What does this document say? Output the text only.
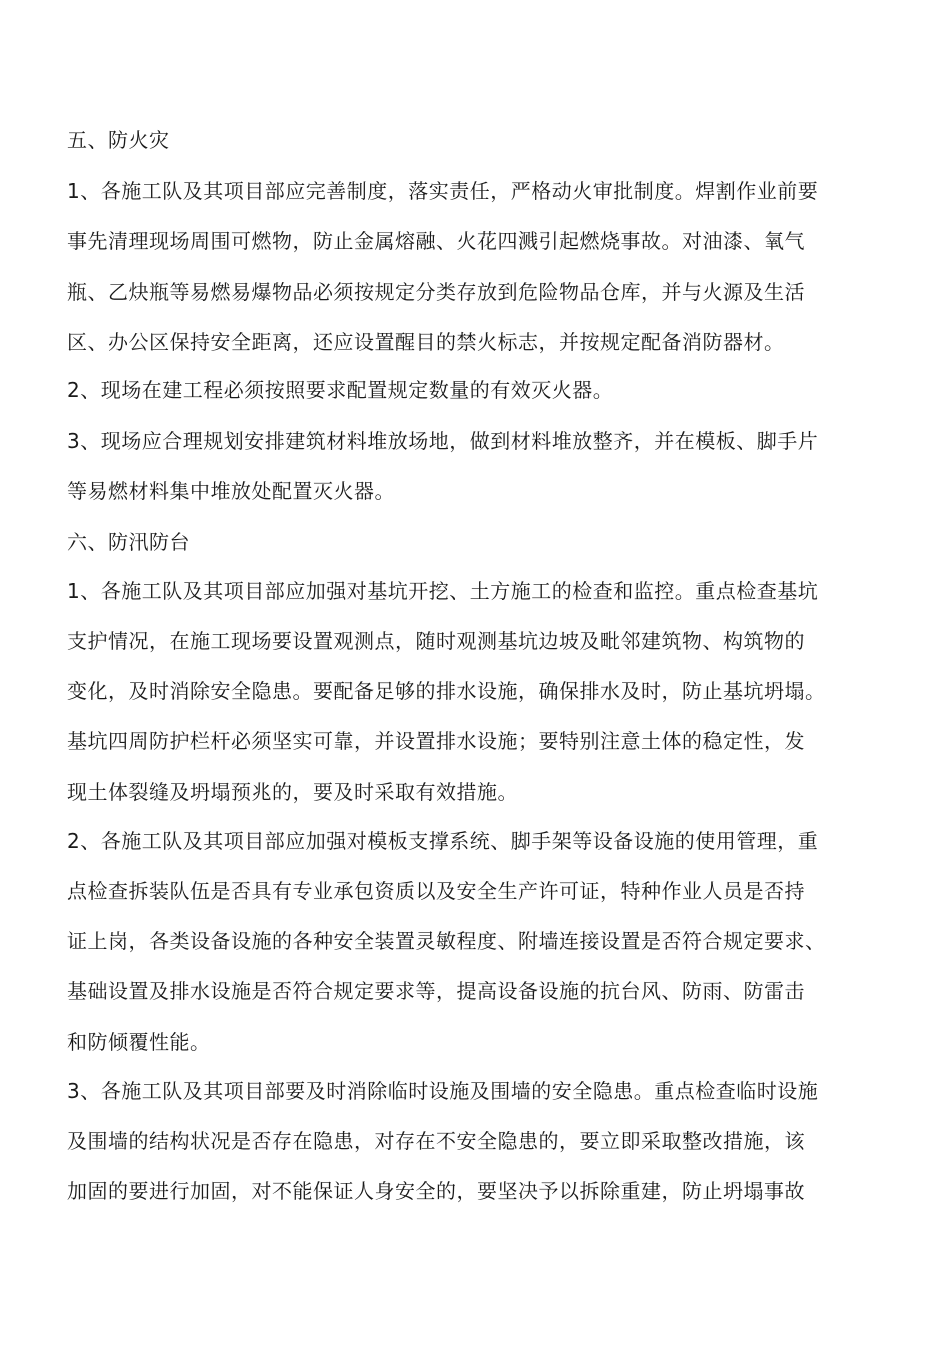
五、防火灾
1、各施工队及其项目部应完善制度，落实责任，严格动火审批制度。焊割作业前要
事先清理现场周围可燃物，防止金属熔融、火花四溅引起燃烧事故。对油漆、氧气
瓶、乙炔瓶等易燃易爆物品必须按规定分类存放到危险物品仓库，并与火源及生活
区、办公区保持安全距离，还应设置醒目的禁火标志，并按规定配备消防器材。
2、现场在建工程必须按照要求配置规定数量的有效灭火器。
3、现场应合理规划安排建筑材料堆放场地，做到材料堆放整齐，并在模板、脚手片
等易燃材料集中堆放处配置灭火器。
六、防汛防台
1、各施工队及其项目部应加强对基坑开挖、土方施工的检查和监控。重点检查基坑
支护情况，在施工现场要设置观测点，随时观测基坑边坡及毗邻建筑物、构筑物的
变化，及时消除安全隐患。要配备足够的排水设施，确保排水及时，防止基坑坍塌。
基坑四周防护栏杆必须坚实可靠，并设置排水设施；要特别注意土体的稳定性，发
现土体裂缝及坍塌预兆的，要及时采取有效措施。
2、各施工队及其项目部应加强对模板支撑系统、脚手架等设备设施的使用管理，重
点检查拆装队伍是否具有专业承包资质以及安全生产许可证，特种作业人员是否持
证上岗，各类设备设施的各种安全装置灵敏程度、附墙连接设置是否符合规定要求、
基础设置及排水设施是否符合规定要求等，提高设备设施的抗台风、防雨、防雷击
和防倾覆性能。
3、各施工队及其项目部要及时消除临时设施及围墙的安全隐患。重点检查临时设施
及围墙的结构状况是否存在隐患，对存在不安全隐患的，要立即采取整改措施，该
加固的要进行加固，对不能保证人身安全的，要坚决予以拆除重建，防止坍塌事故
